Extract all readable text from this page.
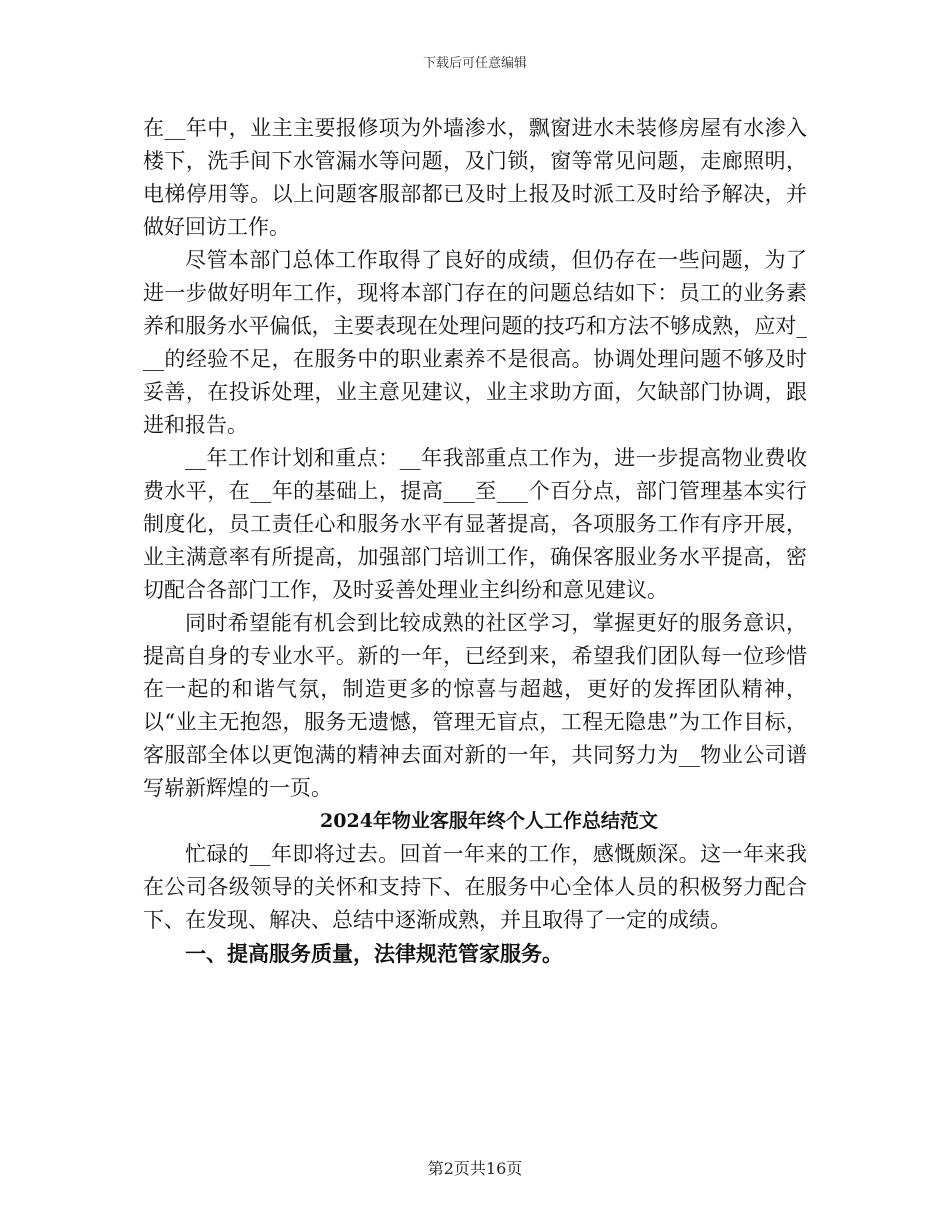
下载后可任意编辑

在__年中，业主主要报修项为外墙渗水，飘窗进水未装修房屋有水渗入楼下，洗手间下水管漏水等问题，及门锁，窗等常见问题，走廊照明，电梯停用等。以上问题客服部都已及时上报及时派工及时给予解决，并做好回访工作。

尽管本部门总体工作取得了良好的成绩，但仍存在一些问题，为了进一步做好明年工作，现将本部门存在的问题总结如下：员工的业务素养和服务水平偏低，主要表现在处理问题的技巧和方法不够成熟，应对___的经验不足，在服务中的职业素养不是很高。协调处理问题不够及时妥善，在投诉处理，业主意见建议，业主求助方面，欠缺部门协调，跟进和报告。

__年工作计划和重点：__年我部重点工作为，进一步提高物业费收费水平，在__年的基础上，提高___至___个百分点，部门管理基本实行制度化，员工责任心和服务水平有显著提高，各项服务工作有序开展，业主满意率有所提高，加强部门培训工作，确保客服业务水平提高，密切配合各部门工作，及时妥善处理业主纠纷和意见建议。

同时希望能有机会到比较成熟的社区学习，掌握更好的服务意识，提高自身的专业水平。新的一年，已经到来，希望我们团队每一位珍惜在一起的和谐气氛，制造更多的惊喜与超越，更好的发挥团队精神，以“业主无抱怨，服务无遗憾，管理无盲点，工程无隐患”为工作目标，客服部全体以更饱满的精神去面对新的一年，共同努力为__物业公司谱写崭新辉煌的一页。

2024年物业客服年终个人工作总结范文

忙碌的__年即将过去。回首一年来的工作，感慨颇深。这一年来我在公司各级领导的关怀和支持下、在服务中心全体人员的积极努力配合下、在发现、解决、总结中逐渐成熟，并且取得了一定的成绩。

一、提高服务质量，法律规范管家服务。

第2页共16页
